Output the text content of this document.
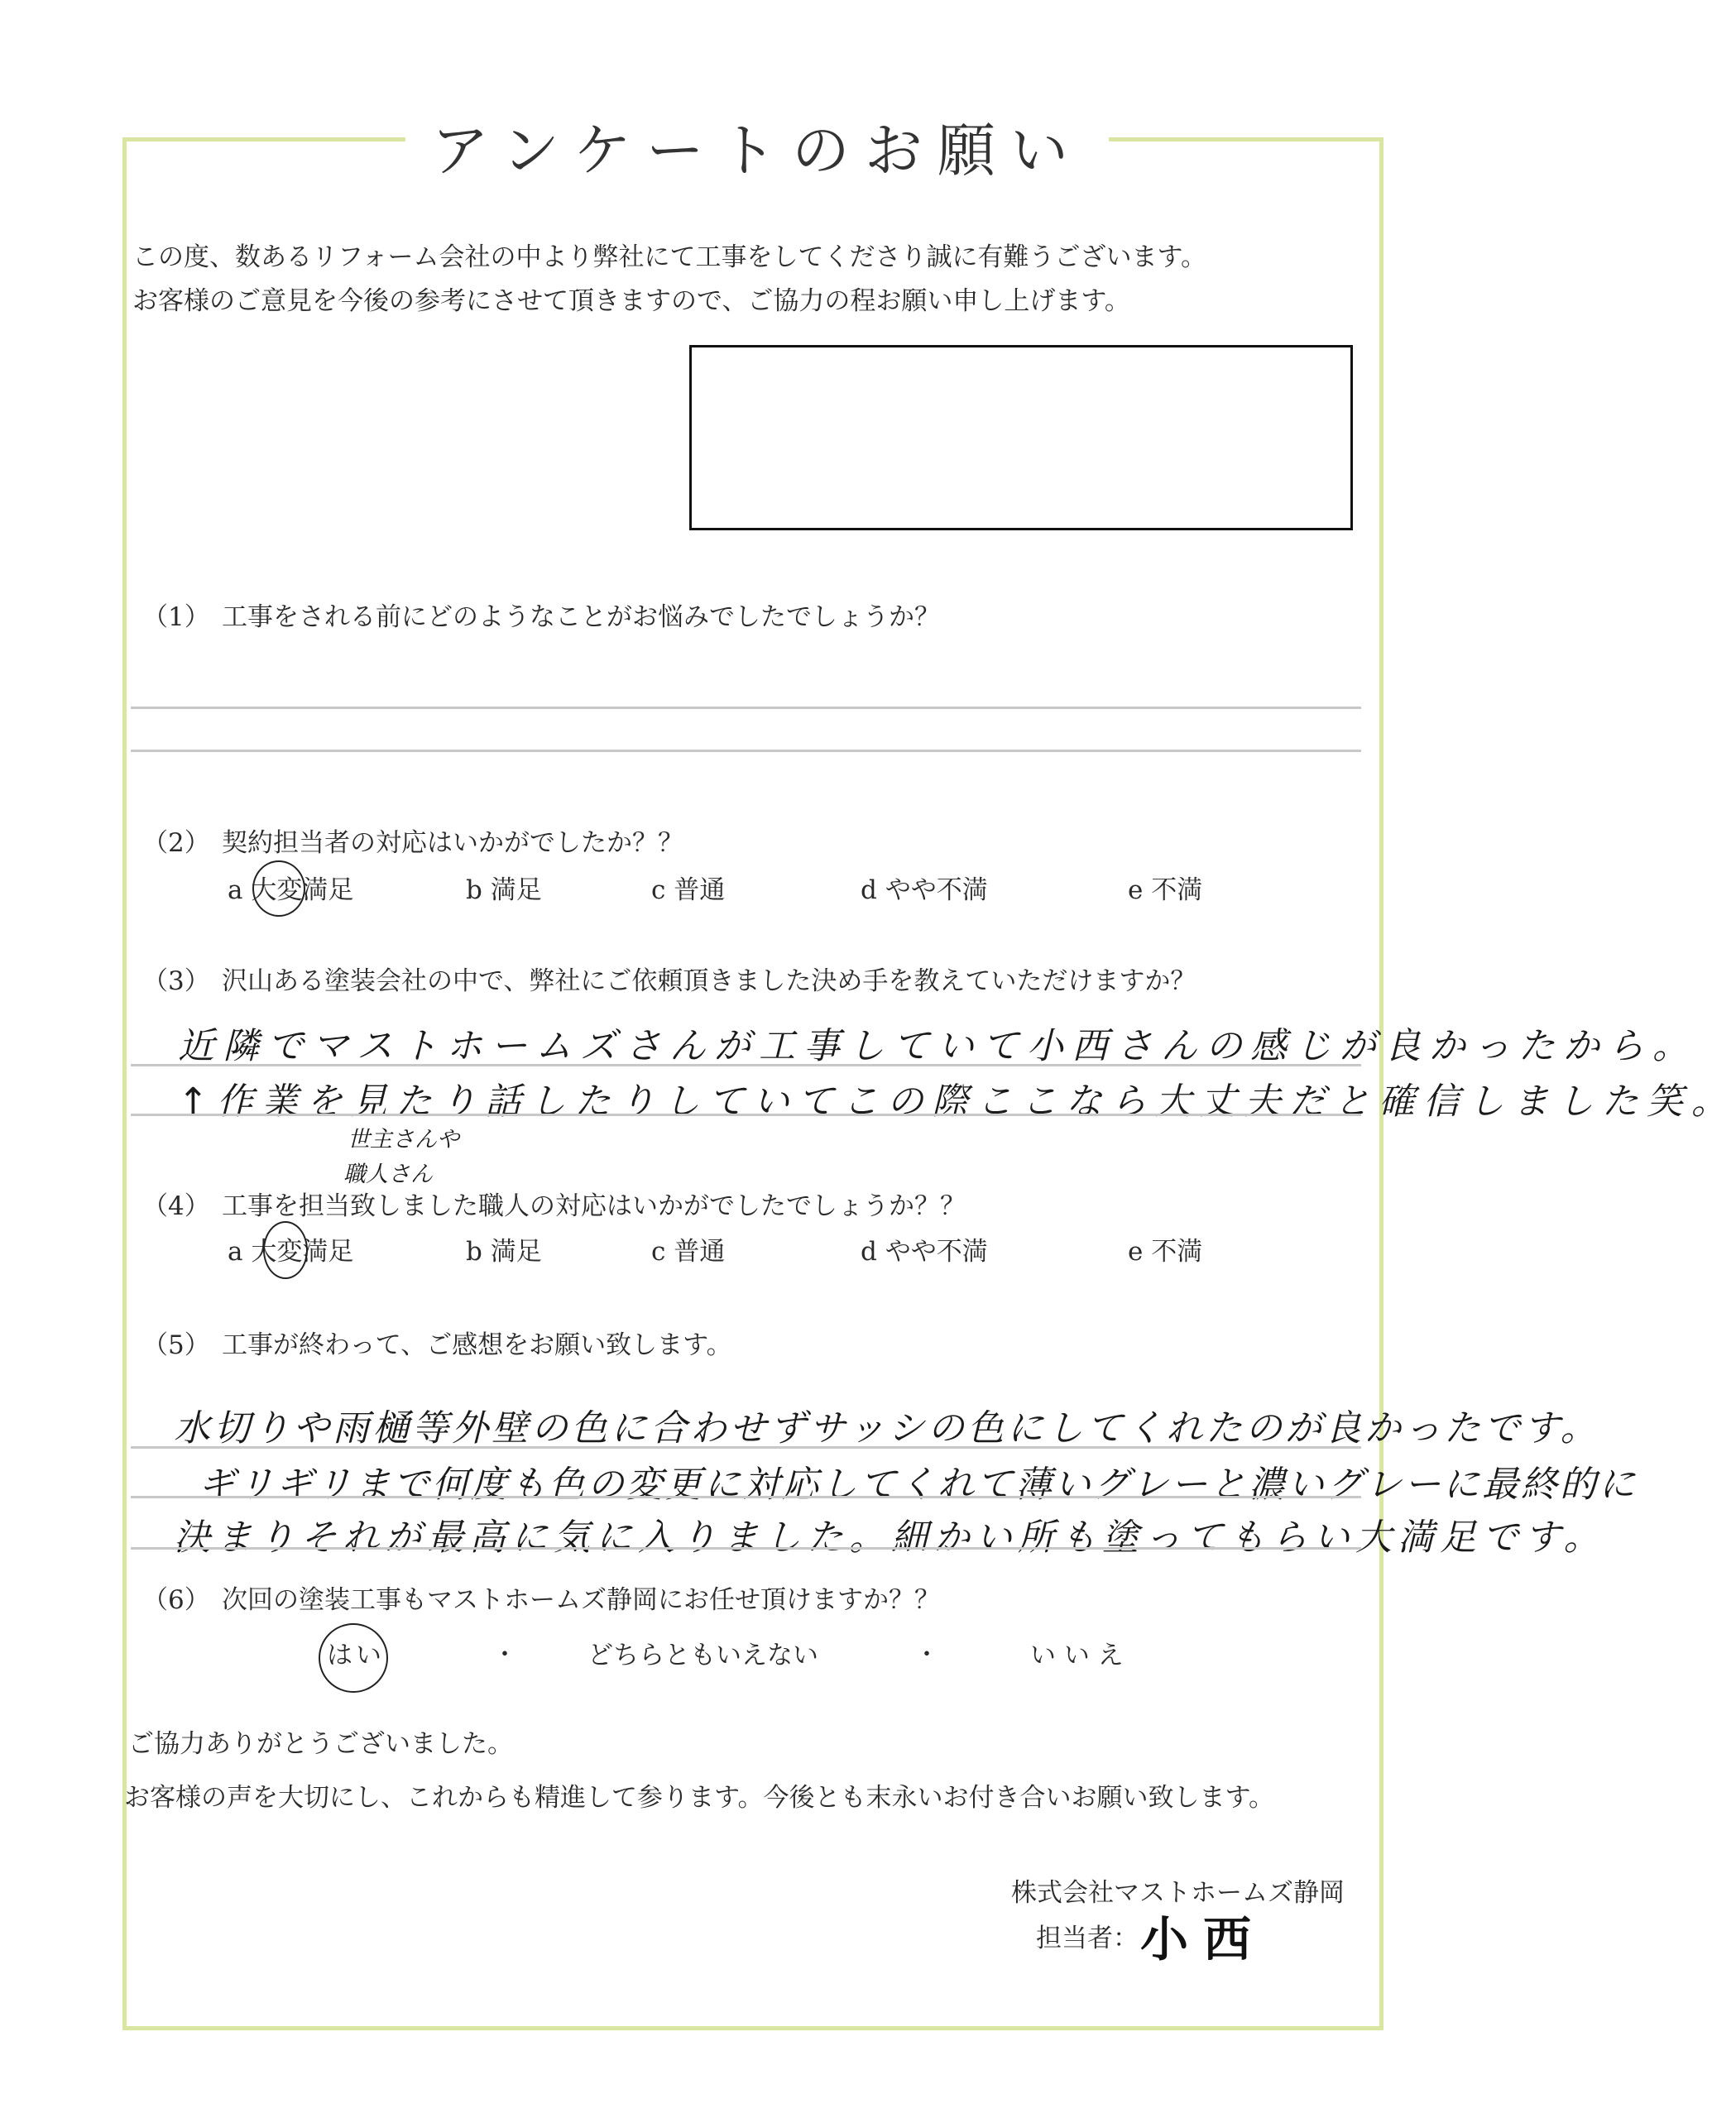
アンケートのお願い
この度、数あるリフォーム会社の中より弊社にて工事をしてくださり誠に有難うございます。
お客様のご意見を今後の参考にさせて頂きますので、ご協力の程お願い申し上げます。
（1） 工事をされる前にどのようなことがお悩みでしたでしょうか？
（2） 契約担当者の対応はいかがでしたか？？
a 大変満足	b 満足	c 普通	d やや不満	e 不満
（3） 沢山ある塗装会社の中で、弊社にご依頼頂きました決め手を教えていただけますか？
近隣でマストホームズさんが工事していて小西さんの感じが良かったから。
↑作業を見たり話したりしていてこの際ここなら大丈夫だと確信しました笑。
世主さんや
職人さん
（4） 工事を担当致しました職人の対応はいかがでしたでしょうか？？
a 大変満足	b 満足	c 普通	d やや不満	e 不満
（5） 工事が終わって、ご感想をお願い致します。
水切りや雨樋等外壁の色に合わせずサッシの色にしてくれたのが良かったです。
ギリギリまで何度も色の変更に対応してくれて薄いグレーと濃いグレーに最終的に
決まりそれが最高に気に入りました。細かい所も塗ってもらい大満足です。
（6） 次回の塗装工事もマストホームズ静岡にお任せ頂けますか？？
はい	・	どちらともいえない	・	い い え
ご協力ありがとうございました。
お客様の声を大切にし、これからも精進して参ります。今後とも末永いお付き合いお願い致します。
株式会社マストホームズ静岡
担当者： 小西
